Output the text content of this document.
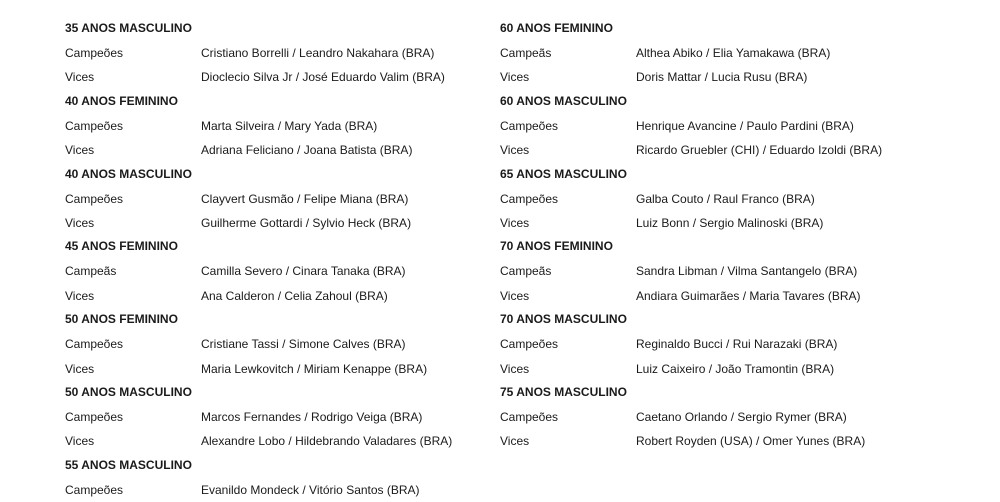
35 ANOS MASCULINO
Campeões	Cristiano Borrelli / Leandro Nakahara (BRA)
Vices	Dioclecio Silva Jr / José Eduardo Valim (BRA)
40 ANOS FEMININO
Campeões	Marta Silveira / Mary Yada (BRA)
Vices	Adriana Feliciano / Joana Batista (BRA)
40 ANOS MASCULINO
Campeões	Clayvert Gusmão / Felipe Miana (BRA)
Vices	Guilherme Gottardi / Sylvio Heck (BRA)
45 ANOS FEMININO
Campeãs	Camilla Severo / Cinara Tanaka (BRA)
Vices	Ana Calderon / Celia Zahoul (BRA)
50 ANOS FEMININO
Campeões	Cristiane Tassi / Simone Calves (BRA)
Vices	Maria Lewkovitch / Miriam Kenappe (BRA)
50 ANOS MASCULINO
Campeões	Marcos Fernandes / Rodrigo Veiga (BRA)
Vices	Alexandre Lobo / Hildebrando Valadares (BRA)
55 ANOS MASCULINO
Campeões	Evanildo Mondeck / Vitório Santos (BRA)
60 ANOS FEMININO
Campeãs	Althea Abiko / Elia Yamakawa (BRA)
Vices	Doris Mattar / Lucia Rusu (BRA)
60 ANOS MASCULINO
Campeões	Henrique Avancine / Paulo Pardini (BRA)
Vices	Ricardo Gruebler (CHI) / Eduardo Izoldi (BRA)
65 ANOS MASCULINO
Campeões	Galba Couto / Raul Franco (BRA)
Vices	Luiz Bonn / Sergio Malinoski (BRA)
70 ANOS FEMININO
Campeãs	Sandra Libman / Vilma Santangelo (BRA)
Vices	Andiara Guimarães / Maria Tavares (BRA)
70 ANOS MASCULINO
Campeões	Reginaldo Bucci / Rui Narazaki (BRA)
Vices	Luiz Caixeiro / João Tramontin (BRA)
75 ANOS MASCULINO
Campeões	Caetano Orlando / Sergio Rymer (BRA)
Vices	Robert Royden (USA) / Omer Yunes (BRA)
